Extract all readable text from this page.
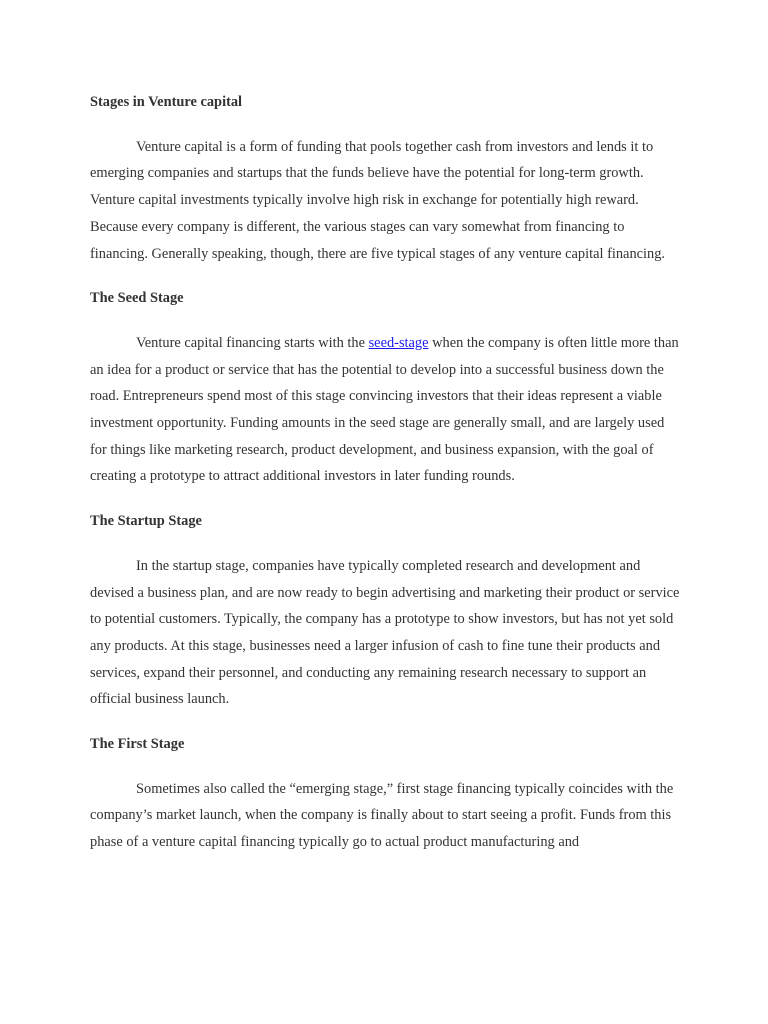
Stages in Venture capital

Venture capital is a form of funding that pools together cash from investors and lends it to emerging companies and startups that the funds believe have the potential for long-term growth. Venture capital investments typically involve high risk in exchange for potentially high reward. Because every company is different, the various stages can vary somewhat from financing to financing. Generally speaking, though, there are five typical stages of any venture capital financing.

The Seed Stage

Venture capital financing starts with the seed-stage when the company is often little more than an idea for a product or service that has the potential to develop into a successful business down the road. Entrepreneurs spend most of this stage convincing investors that their ideas represent a viable investment opportunity. Funding amounts in the seed stage are generally small, and are largely used for things like marketing research, product development, and business expansion, with the goal of creating a prototype to attract additional investors in later funding rounds.

The Startup Stage

In the startup stage, companies have typically completed research and development and devised a business plan, and are now ready to begin advertising and marketing their product or service to potential customers. Typically, the company has a prototype to show investors, but has not yet sold any products. At this stage, businesses need a larger infusion of cash to fine tune their products and services, expand their personnel, and conducting any remaining research necessary to support an official business launch.

The First Stage

Sometimes also called the “emerging stage,” first stage financing typically coincides with the company’s market launch, when the company is finally about to start seeing a profit. Funds from this phase of a venture capital financing typically go to actual product manufacturing and
